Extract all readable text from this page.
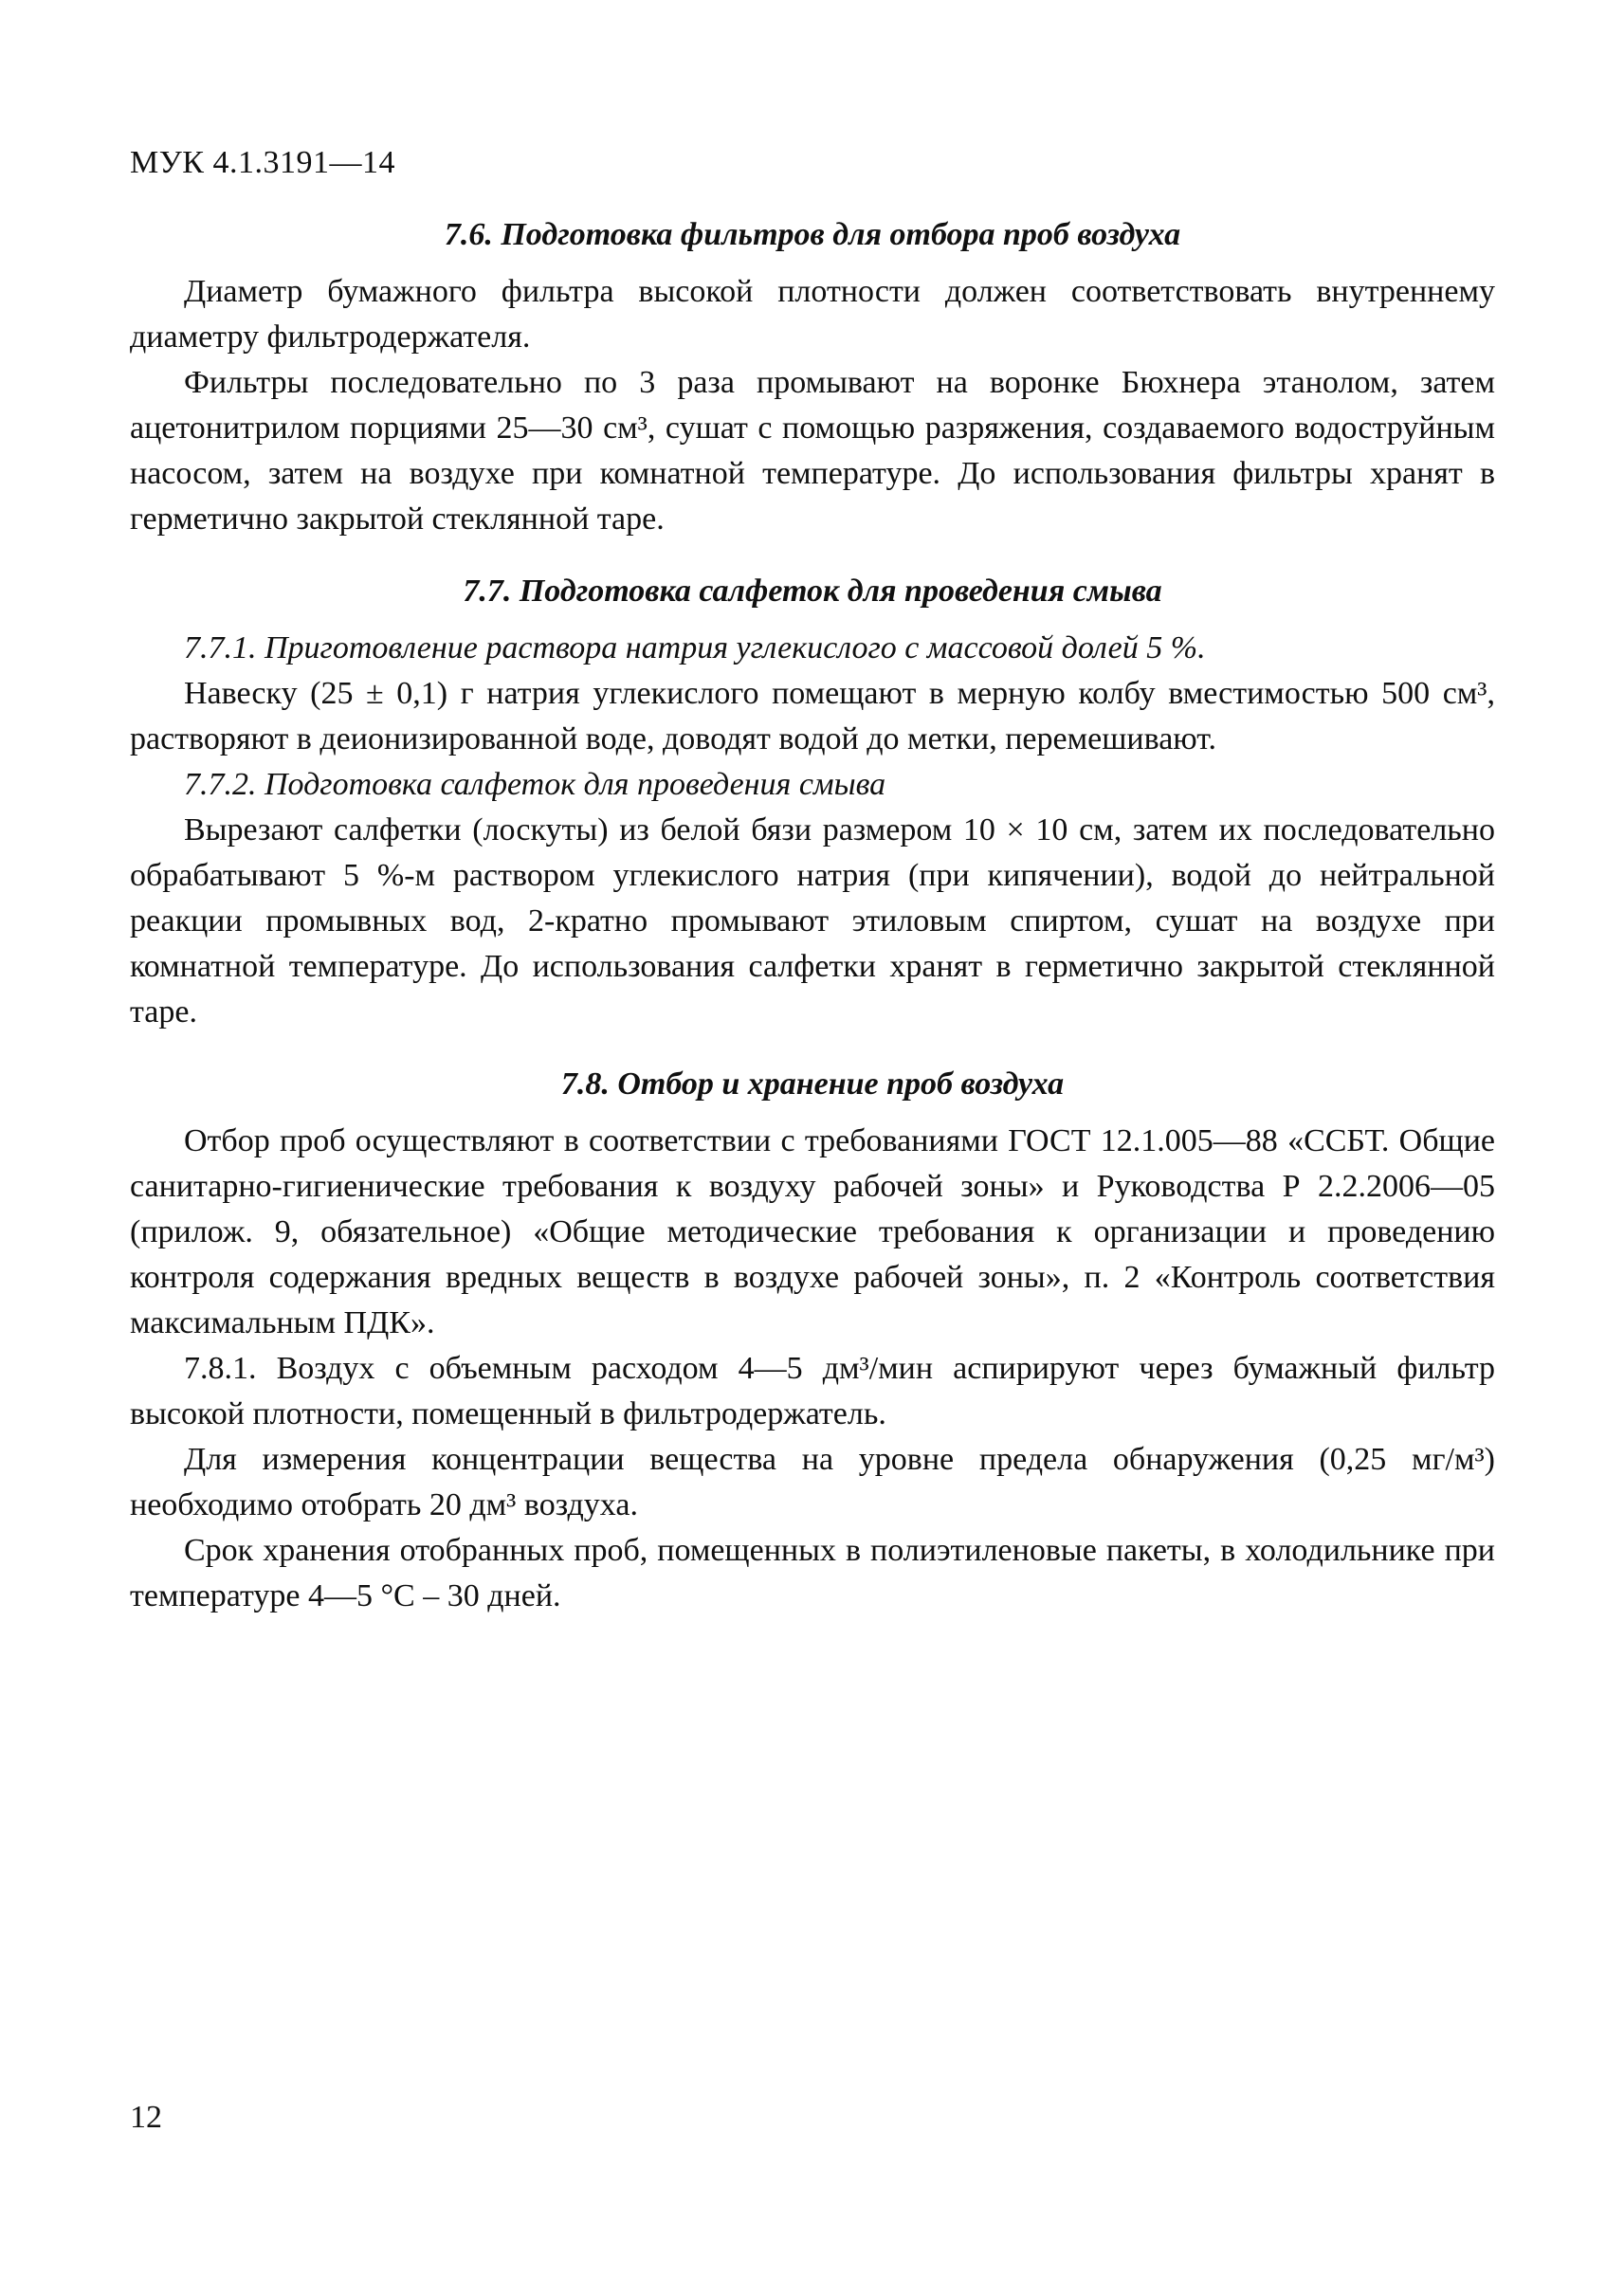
МУК 4.1.3191—14
7.6. Подготовка фильтров для отбора проб воздуха

Диаметр бумажного фильтра высокой плотности должен соответствовать внутреннему диаметру фильтродержателя.

Фильтры последовательно по 3 раза промывают на воронке Бюхнера этанолом, затем ацетонитрилом порциями 25—30 см³, сушат с помощью разряжения, создаваемого водоструйным насосом, затем на воздухе при комнатной температуре. До использования фильтры хранят в герметично закрытой стеклянной таре.

7.7. Подготовка салфеток для проведения смыва

7.7.1. Приготовление раствора натрия углекислого с массовой долей 5 %.

Навеску (25 ± 0,1) г натрия углекислого помещают в мерную колбу вместимостью 500 см³, растворяют в деионизированной воде, доводят водой до метки, перемешивают.

7.7.2. Подготовка салфеток для проведения смыва

Вырезают салфетки (лоскуты) из белой бязи размером 10 × 10 см, затем их последовательно обрабатывают 5 %-м раствором углекислого натрия (при кипячении), водой до нейтральной реакции промывных вод, 2-кратно промывают этиловым спиртом, сушат на воздухе при комнатной температуре. До использования салфетки хранят в герметично закрытой стеклянной таре.

7.8. Отбор и хранение проб воздуха

Отбор проб осуществляют в соответствии с требованиями ГОСТ 12.1.005—88 «ССБТ. Общие санитарно-гигиенические требования к воздуху рабочей зоны» и Руководства Р 2.2.2006—05 (прилож. 9, обязательное) «Общие методические требования к организации и проведению контроля содержания вредных веществ в воздухе рабочей зоны», п. 2 «Контроль соответствия максимальным ПДК».

7.8.1. Воздух с объемным расходом 4—5 дм³/мин аспирируют через бумажный фильтр высокой плотности, помещенный в фильтродержатель.

Для измерения концентрации вещества на уровне предела обнаружения (0,25 мг/м³) необходимо отобрать 20 дм³ воздуха.

Срок хранения отобранных проб, помещенных в полиэтиленовые пакеты, в холодильнике при температуре 4—5 °С – 30 дней.

12
